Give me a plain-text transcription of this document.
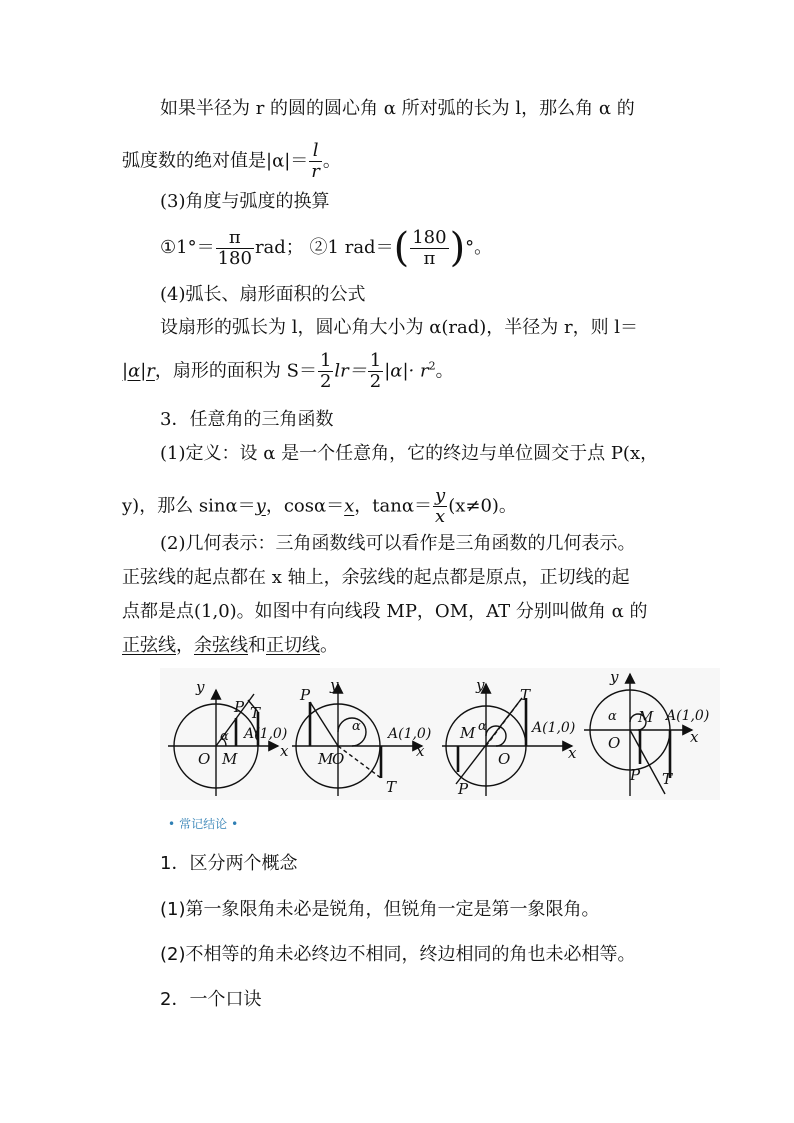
如果半径为 r 的圆的圆心角 α 所对弧的长为 l，那么角 α 的
弧度数的绝对值是$|\alpha|= \frac{l}{r}$ 。
(3)角度与弧度的换算
①1°＝ $\frac{\pi}{180}$ rad； ②1 $rad=( \frac{180}{\pi}$ )°。
(4)弧长、扇形面积的公式
设扇形的弧长为 l，圆心角大小为 α(rad)，半径为 r，则 l＝
|α|r，扇形的面积为 $S= \frac{1}{2} lr= \frac{1}{2} |\alpha|\cdot r^2$。
3．任意角的三角函数
(1)定义：设 α 是一个任意角，它的终边与单位圆交于点 P(x，
y)，那么 sinα＝y，cosα＝x，$\tan\alpha= \frac{y}{x} (x\ne 0)$。
(2)几何表示：三角函数线可以看作是三角函数的几何表示。
正弦线的起点都在 x 轴上，余弦线的起点都是原点，正切线的起
点都是点(1,0)。如图中有向线段 MP，OM，AT 分别叫做角 α 的
正弦线，余弦线和正切线。
y
x
O M
P T
α A(1,0)
y
x
M
O
P
T
α A(1,0)
y
x
M
O
P
T
α	A(1,0)
y
x
O
M
P T
α	A(1,0)
• 常记结论 •
1．区分两个概念
(1)第一象限角未必是锐角，但锐角一定是第一象限角。
(2)不相等的角未必终边不相同，终边相同的角也未必相等。
2．一个口诀
